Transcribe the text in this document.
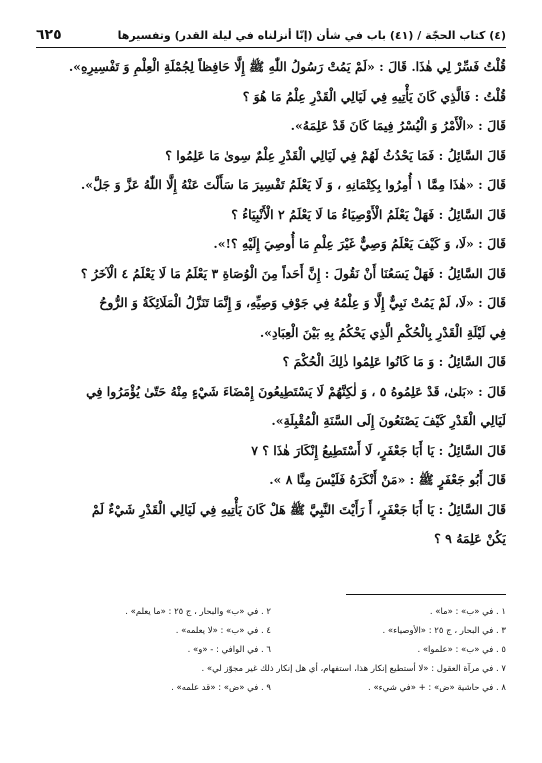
(٤) كتاب الحجّة / (٤١) باب في شأن (إنّا أنزلناه في ليلة القدر) وتفسيرها
٦٢٥

قُلْتُ فَسِّرْ لِي هٰذَا. قَالَ : «لَمْ يَمُتْ رَسُولُ اللّٰهِ ﷺ إِلَّا حَافِظاً لِجُمْلَةِ الْعِلْمِ وَ تَفْسِيرِهِ».

قُلْتُ : فَالَّذِي كَانَ يَأْتِيهِ فِي لَيَالِي الْقَدْرِ عِلْمُ مَا هُوَ ؟

قَالَ : «الْأَمْرُ وَ الْيُسْرُ فِيمَا كَانَ قَدْ عَلِمَهُ».

قَالَ السَّائِلُ : فَمَا يَحْدُثُ لَهُمْ فِي لَيَالِي الْقَدْرِ عِلْمٌ سِوىٰ مَا عَلِمُوا ؟

قَالَ : «هٰذَا مِمَّا ١ أُمِرُوا بِكِتْمَانِهِ ، وَ لَا يَعْلَمُ تَفْسِيرَ مَا سَأَلْتَ عَنْهُ إِلَّا اللّٰهُ عَزَّ وَ جَلَّ».

قَالَ السَّائِلُ : فَهَلْ يَعْلَمُ الْأَوْصِيَاءُ مَا لَا يَعْلَمُ ٢ الْأَنْبِيَاءُ ؟

قَالَ : «لَا، وَ كَيْفَ يَعْلَمُ وَصِيٌّ غَيْرَ عِلْمِ مَا أُوصِيَ إِلَيْهِ ؟!».

قَالَ السَّائِلُ : فَهَلْ يَسَعُنَا أَنْ نَقُولَ : إِنَّ أَحَداً مِنَ الْوُصَاةِ ٣ يَعْلَمُ مَا لَا يَعْلَمُ ٤ الْآخَرُ ؟

قَالَ : «لَا، لَمْ يَمُتْ نَبِيٌّ إِلَّا وَ عِلْمُهُ فِي جَوْفِ وَصِيِّهِ، وَ إِنَّمَا تَنَزَّلُ الْمَلَائِكَةُ وَ الرُّوحُ

فِي لَيْلَةِ الْقَدْرِ بِالْحُكْمِ الَّذِي يَحْكُمُ بِهِ بَيْنَ الْعِبَادِ».

قَالَ السَّائِلُ : وَ مَا كَانُوا عَلِمُوا ذٰلِكَ الْحُكْمَ ؟

قَالَ : «بَلىٰ، قَدْ عَلِمُوهُ ٥ ، وَ لٰكِنَّهُمْ لَا يَسْتَطِيعُونَ إِمْضَاءَ شَيْءٍ مِنْهُ حَتّىٰ يُؤْمَرُوا فِي

لَيَالِي الْقَدْرِ كَيْفَ يَصْنَعُونَ إِلَى السَّنَةِ الْمُقْبِلَةِ».

قَالَ السَّائِلُ : يَا أَبَا جَعْفَرٍ، لَا أَسْتَطِيعُ إِنْكَارَ هٰذَا ؟ ٧

قَالَ أَبُو جَعْفَرٍ ﷺ : «مَنْ أَنْكَرَهُ فَلَيْسَ مِنَّا ٨ ».

قَالَ السَّائِلُ : يَا أَبَا جَعْفَرٍ، أَ رَأَيْتَ النَّبِيَّ ﷺ هَلْ كَانَ يَأْتِيهِ فِي لَيَالِي الْقَدْرِ شَيْءٌ لَمْ

يَكُنْ عَلِمَهُ ٩ ؟

١ . في «ب» : «ما» .
٢ . في «ب» والبحار ، ج ٢٥ : «ما يعلم» .
٣ . في البحار ، ج ٢٥ : «الأوصياء» .
٤ . في «ب» : «لا يعلمه» .
٥ . في «ب» : «علموا» .
٦ . في الوافي : - «و» .
٧ . في مرآة العقول : «لا أستطيع إنكار هذا، استفهام، أي هل إنكار ذلك غير مجوّز لي» .
٨ . في حاشية «ض» : + «في شيء» .
٩ . في «ض» : «قد علمه» .
